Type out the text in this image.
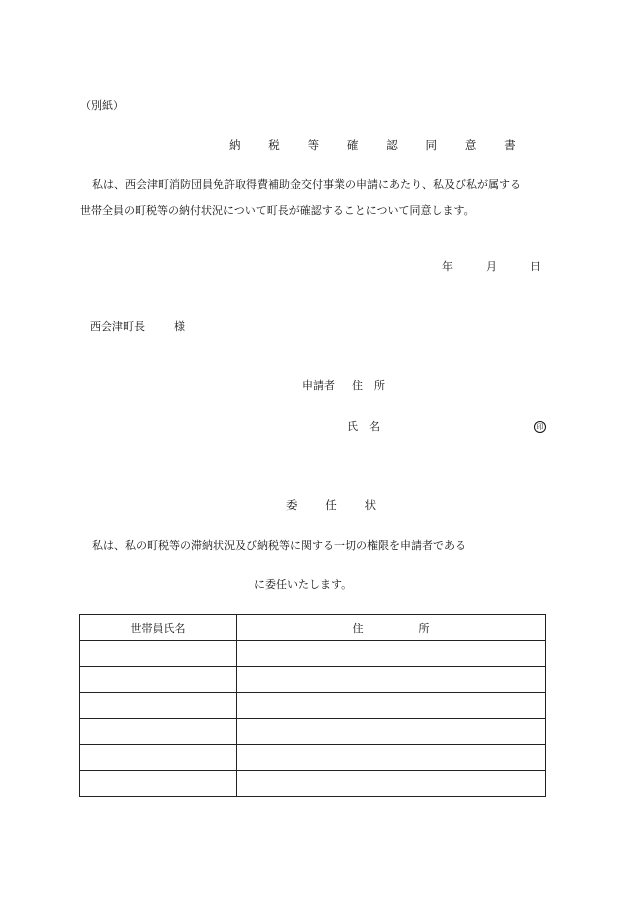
（別紙）
納 税 等 確 認 同 意 書
私は、西会津町消防団員免許取得費補助金交付事業の申請にあたり、私及び私が属する
世帯全員の町税等の納付状況について町長が確認することについて同意します。
年	月	日
西会津町長	様
申請者 住　所
氏　名	印
委 任 状
私は、私の町税等の滞納状況及び納税等に関する一切の権限を申請者である
に委任いたします。
世帯員氏名	住　　　　　所
